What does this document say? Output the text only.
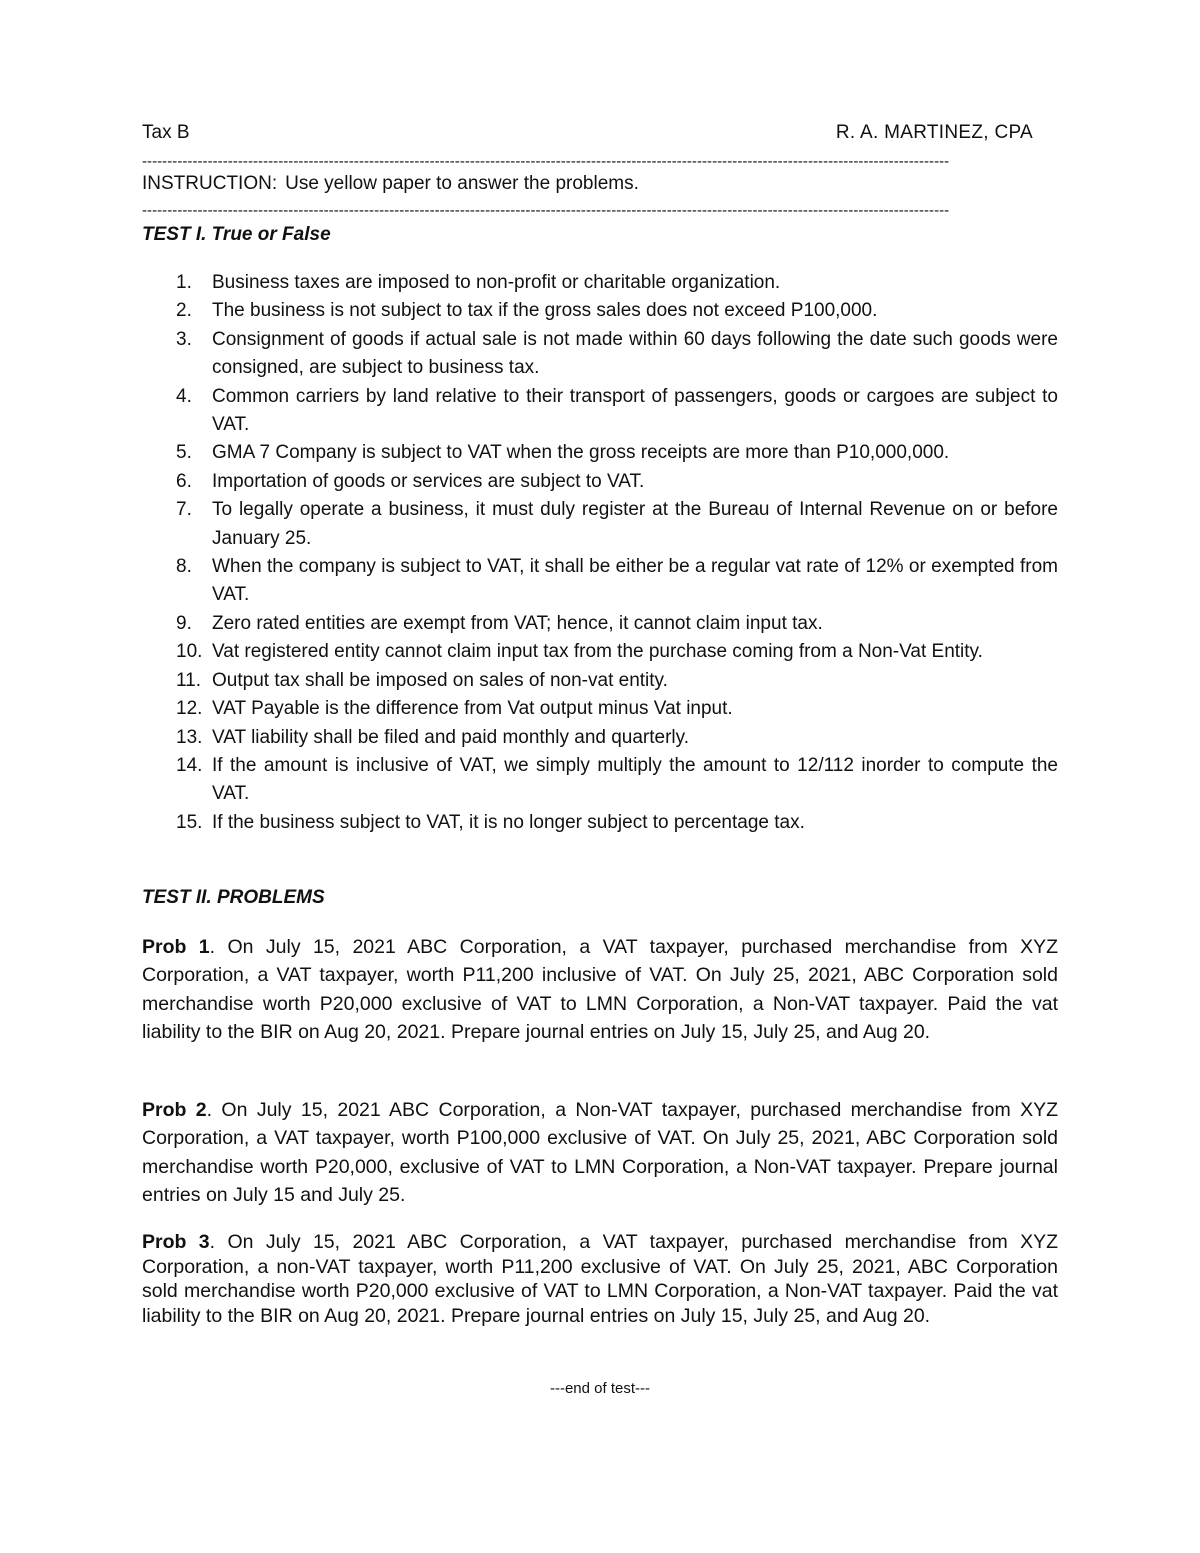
Tax B	R. A. MARTINEZ, CPA
----------------------------------------------------------------------------------------------------------------------------------------------------------------
INSTRUCTION: Use yellow paper to answer the problems.
----------------------------------------------------------------------------------------------------------------------------------------------------------------
TEST I. True or False
1. Business taxes are imposed to non-profit or charitable organization.
2. The business is not subject to tax if the gross sales does not exceed P100,000.
3. Consignment of goods if actual sale is not made within 60 days following the date such goods were consigned, are subject to business tax.
4. Common carriers by land relative to their transport of passengers, goods or cargoes are subject to VAT.
5. GMA 7 Company is subject to VAT when the gross receipts are more than P10,000,000.
6. Importation of goods or services are subject to VAT.
7. To legally operate a business, it must duly register at the Bureau of Internal Revenue on or before January 25.
8. When the company is subject to VAT, it shall be either be a regular vat rate of 12% or exempted from VAT.
9. Zero rated entities are exempt from VAT; hence, it cannot claim input tax.
10. Vat registered entity cannot claim input tax from the purchase coming from a Non-Vat Entity.
11. Output tax shall be imposed on sales of non-vat entity.
12. VAT Payable is the difference from Vat output minus Vat input.
13. VAT liability shall be filed and paid monthly and quarterly.
14. If the amount is inclusive of VAT, we simply multiply the amount to 12/112 inorder to compute the VAT.
15. If the business subject to VAT, it is no longer subject to percentage tax.
TEST II. PROBLEMS

Prob 1. On July 15, 2021 ABC Corporation, a VAT taxpayer, purchased merchandise from XYZ Corporation, a VAT taxpayer, worth P11,200 inclusive of VAT. On July 25, 2021, ABC Corporation sold merchandise worth P20,000 exclusive of VAT to LMN Corporation, a Non-VAT taxpayer. Paid the vat liability to the BIR on Aug 20, 2021. Prepare journal entries on July 15, July 25, and Aug 20.

Prob 2. On July 15, 2021 ABC Corporation, a Non-VAT taxpayer, purchased merchandise from XYZ Corporation, a VAT taxpayer, worth P100,000 exclusive of VAT. On July 25, 2021, ABC Corporation sold merchandise worth P20,000, exclusive of VAT to LMN Corporation, a Non-VAT taxpayer. Prepare journal entries on July 15 and July 25.

Prob 3. On July 15, 2021 ABC Corporation, a VAT taxpayer, purchased merchandise from XYZ Corporation, a non-VAT taxpayer, worth P11,200 exclusive of VAT. On July 25, 2021, ABC Corporation sold merchandise worth P20,000 exclusive of VAT to LMN Corporation, a Non-VAT taxpayer. Paid the vat liability to the BIR on Aug 20, 2021. Prepare journal entries on July 15, July 25, and Aug 20.

---end of test---
